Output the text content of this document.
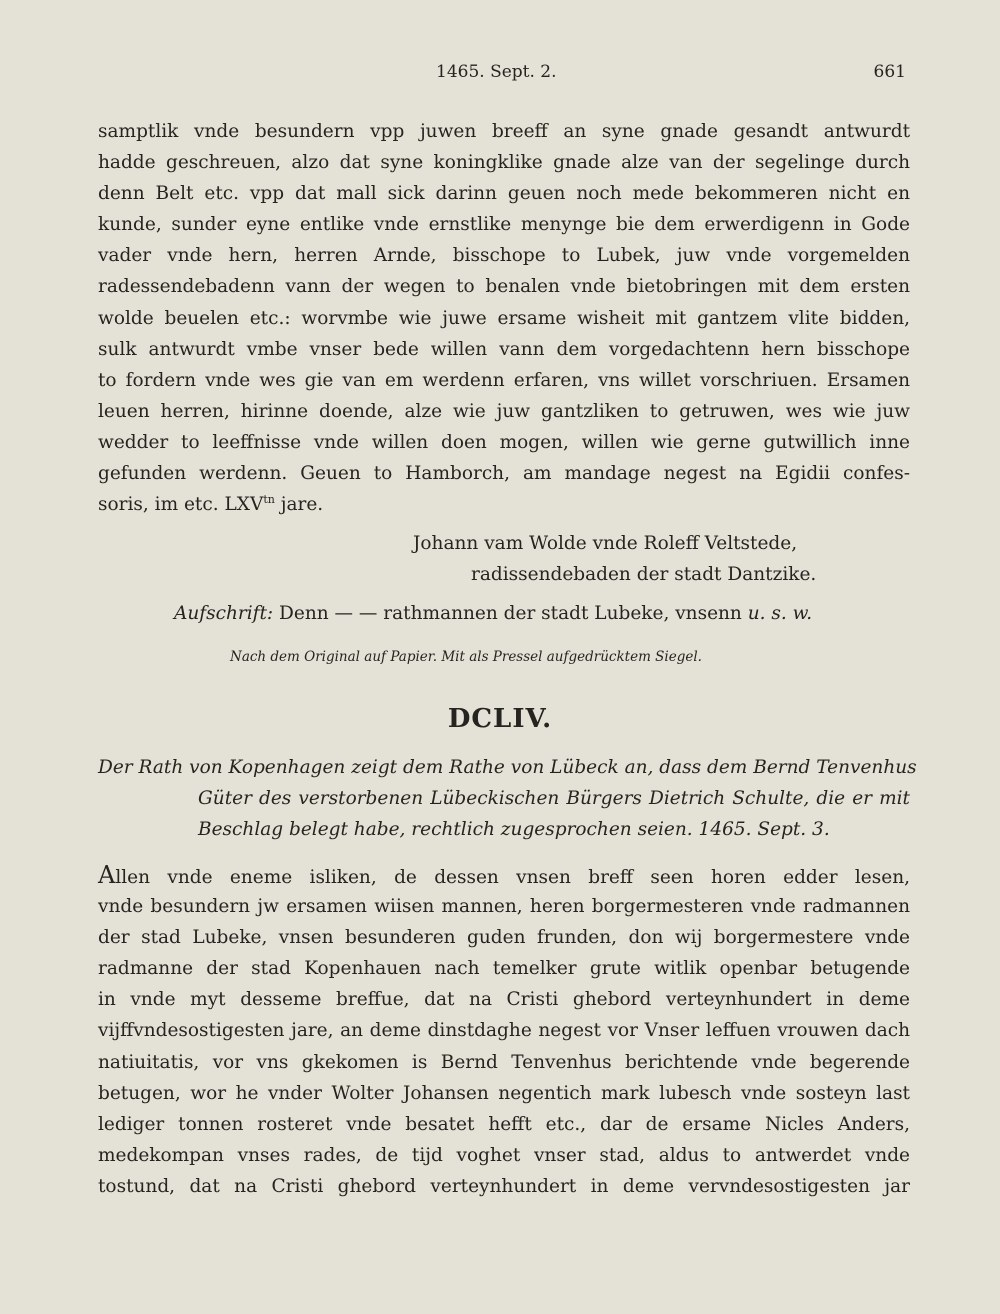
1465. Sept. 2.	661
samptlik vnde besundern vpp juwen breeff an syne gnade gesandt antwurdt
hadde geschreuen, alzo dat syne koningklike gnade alze van der segelinge durch
denn Belt etc. vpp dat mall sick darinn geuen noch mede bekommeren nicht en
kunde, sunder eyne entlike vnde ernstlike menynge bie dem erwerdigenn in Gode
vader vnde hern, herren Arnde, bisschope to Lubek, juw vnde vorgemelden
radessendebadenn vann der wegen to benalen vnde bietobringen mit dem ersten
wolde beuelen etc.: worvmbe wie juwe ersame wisheit mit gantzem vlite bidden,
sulk antwurdt vmbe vnser bede willen vann dem vorgedachtenn hern bisschope
to fordern vnde wes gie van em werdenn erfaren, vns willet vorschriuen. Ersamen
leuen herren, hirinne doende, alze wie juw gantzliken to getruwen, wes wie juw
wedder to leeffnisse vnde willen doen mogen, willen wie gerne gutwillich inne
gefunden werdenn. Geuen to Hamborch, am mandage negest na Egidii confes-
soris, im etc. $LXV^{tn}$ jare.
Johann vam Wolde vnde Roleff Veltstede,
radissendebaden der stadt Dantzike.
Aufschrift: Denn — — rathmannen der stadt Lubeke, vnsenn u. s. w.
Nach dem Original auf Papier. Mit als Pressel aufgedrücktem Siegel.
DCLIV.
Der Rath von Kopenhagen zeigt dem Rathe von Lübeck an, dass dem Bernd Tenvenhus
Güter des verstorbenen Lübeckischen Bürgers Dietrich Schulte, die er mit
Beschlag belegt habe, rechtlich zugesprochen seien. 1465. Sept. 3.
Allen vnde eneme isliken, de dessen vnsen breff seen horen edder lesen,
vnde besundern jw ersamen wiisen mannen, heren borgermesteren vnde radmannen
der stad Lubeke, vnsen besunderen guden frunden, don wij borgermestere vnde
radmanne der stad Kopenhauen nach temelker grute witlik openbar betugende
in vnde myt desseme breffue, dat na Cristi ghebord verteynhundert in deme
vijffvndesostigesten jare, an deme dinstdaghe negest vor Vnser leffuen vrouwen dach
natiuitatis, vor vns gkekomen is Bernd Tenvenhus berichtende vnde begerende
betugen, wor he vnder Wolter Johansen negentich mark lubesch vnde sosteyn last
lediger tonnen rosteret vnde besatet hefft etc., dar de ersame Nicles Anders,
medekompan vnses rades, de tijd voghet vnser stad, aldus to antwerdet vnde
tostund, dat na Cristi ghebord verteynhundert in deme vervndesostigesten jar
